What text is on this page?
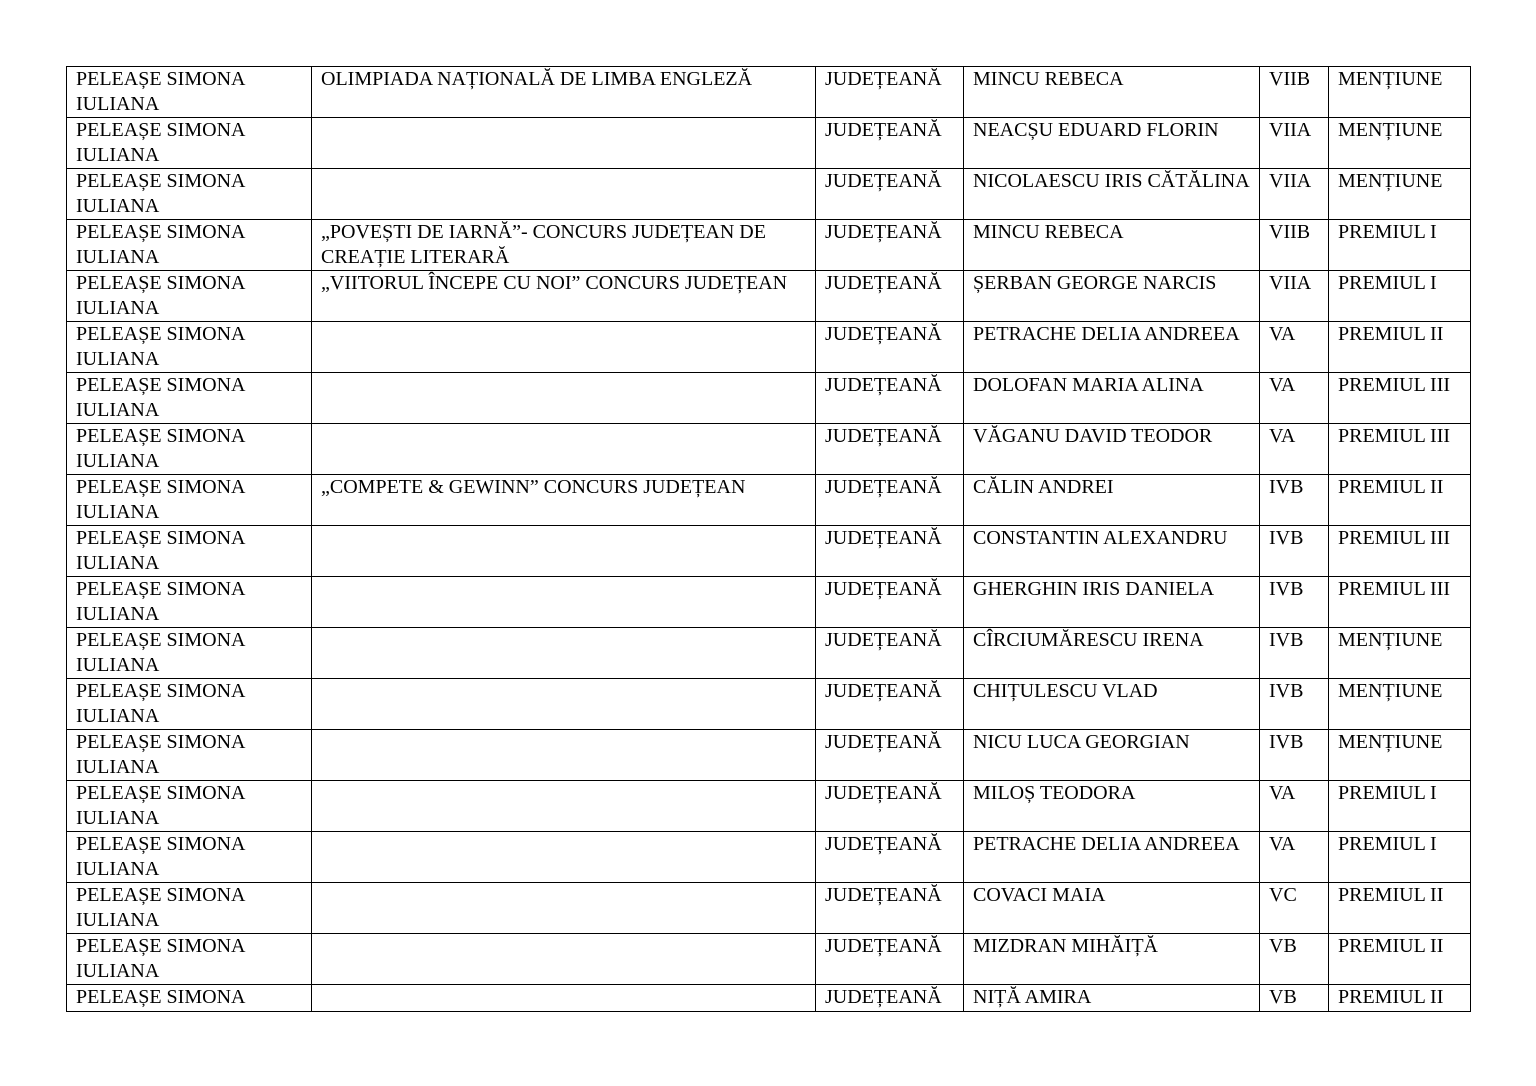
PELEAȘE SIMONA IULIANA	OLIMPIADA NAȚIONALĂ DE LIMBA ENGLEZĂ	JUDEȚEANĂ	MINCU REBECA	VIIB	MENȚIUNE
PELEAȘE SIMONA IULIANA		JUDEȚEANĂ	NEACȘU EDUARD FLORIN	VIIA	MENȚIUNE
PELEAȘE SIMONA IULIANA		JUDEȚEANĂ	NICOLAESCU IRIS CĂTĂLINA	VIIA	MENȚIUNE
PELEAȘE SIMONA IULIANA	„POVEȘTI DE IARNĂ”- CONCURS JUDEȚEAN DE CREAȚIE LITERARĂ	JUDEȚEANĂ	MINCU REBECA	VIIB	PREMIUL I
PELEAȘE SIMONA IULIANA	„VIITORUL ÎNCEPE CU NOI” CONCURS JUDEȚEAN	JUDEȚEANĂ	ȘERBAN GEORGE NARCIS	VIIA	PREMIUL I
PELEAȘE SIMONA IULIANA		JUDEȚEANĂ	PETRACHE DELIA ANDREEA	VA	PREMIUL II
PELEAȘE SIMONA IULIANA		JUDEȚEANĂ	DOLOFAN MARIA ALINA	VA	PREMIUL III
PELEAȘE SIMONA IULIANA		JUDEȚEANĂ	VĂGANU DAVID TEODOR	VA	PREMIUL III
PELEAȘE SIMONA IULIANA	„COMPETE & GEWINN” CONCURS JUDEȚEAN	JUDEȚEANĂ	CĂLIN ANDREI	IVB	PREMIUL II
PELEAȘE SIMONA IULIANA		JUDEȚEANĂ	CONSTANTIN ALEXANDRU	IVB	PREMIUL III
PELEAȘE SIMONA IULIANA		JUDEȚEANĂ	GHERGHIN IRIS DANIELA	IVB	PREMIUL III
PELEAȘE SIMONA IULIANA		JUDEȚEANĂ	CÎRCIUMĂRESCU IRENA	IVB	MENȚIUNE
PELEAȘE SIMONA IULIANA		JUDEȚEANĂ	CHIȚULESCU VLAD	IVB	MENȚIUNE
PELEAȘE SIMONA IULIANA		JUDEȚEANĂ	NICU LUCA GEORGIAN	IVB	MENȚIUNE
PELEAȘE SIMONA IULIANA		JUDEȚEANĂ	MILOȘ TEODORA	VA	PREMIUL I
PELEAȘE SIMONA IULIANA		JUDEȚEANĂ	PETRACHE DELIA ANDREEA	VA	PREMIUL I
PELEAȘE SIMONA IULIANA		JUDEȚEANĂ	COVACI MAIA	VC	PREMIUL II
PELEAȘE SIMONA IULIANA		JUDEȚEANĂ	MIZDRAN MIHĂIȚĂ	VB	PREMIUL II
PELEAȘE SIMONA		JUDEȚEANĂ	NIȚĂ AMIRA	VB	PREMIUL II
